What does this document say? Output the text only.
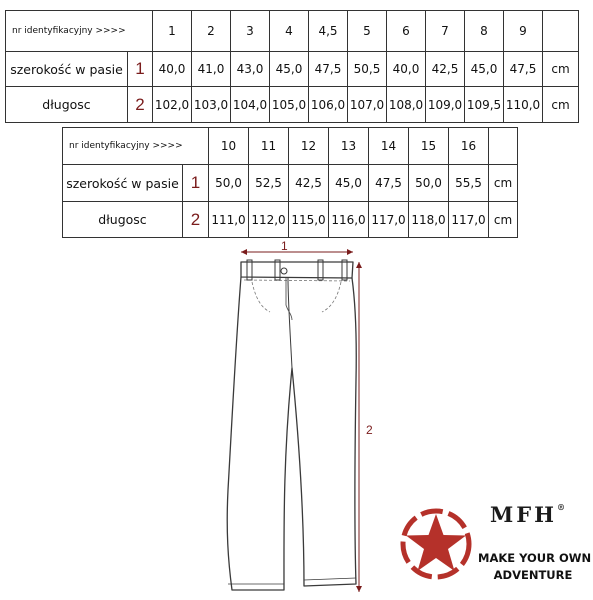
nr identyfikacyjny >>>>		1	2	3	4	4,5	5	6	7	8	9	
szerokość w pasie	1	40,0	41,0	43,0	45,0	47,5	50,5	40,0	42,5	45,0	47,5	cm
długosc	2	102,0	103,0	104,0	105,0	106,0	107,0	108,0	109,0	109,5	110,0	cm
nr identyfikacyjny >>>>		10	11	12	13	14	15	16	
szerokość w pasie	1	50,0	52,5	42,5	45,0	47,5	50,0	55,5	cm
długosc	2	111,0	112,0	115,0	116,0	117,0	118,0	117,0	cm
1
2
MFH®
MAKE YOUR OWN
ADVENTURE
